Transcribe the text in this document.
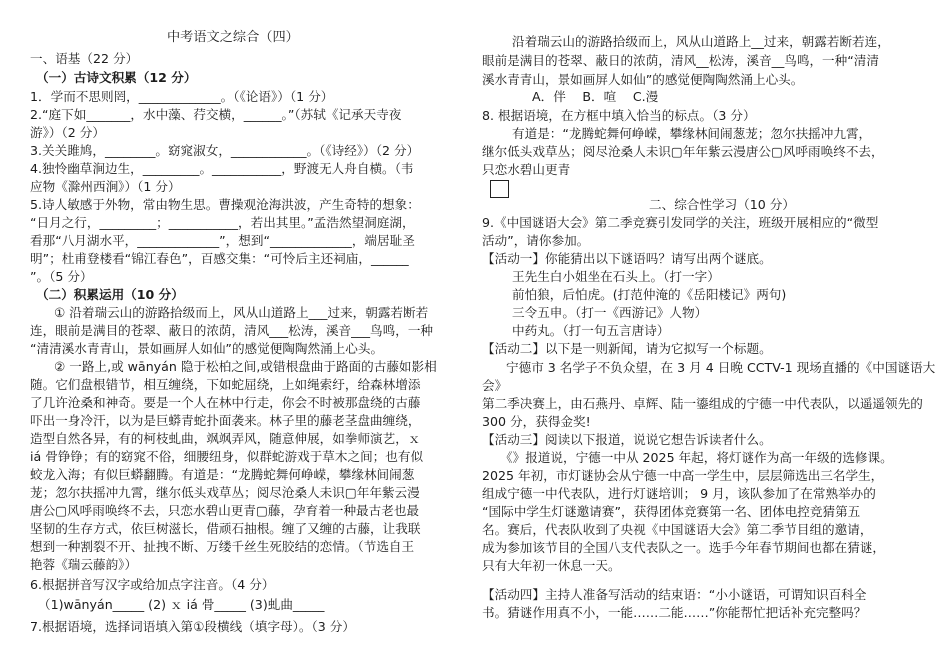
中考语文之综合（四）
一、语基（22 分）
（一）古诗文积累（12 分）
1．学而不思则罔，_____________。（《论语》）（1 分）
2.“庭下如_______，水中藻、荇交横，______。”（苏轼《记承天寺夜
游》）（2 分）
3.关关雎鸠，________。窈窕淑女，____________。（《诗经》）（2 分）
4.独怜幽草涧边生，_________。___________，野渡无人舟自横。（韦
应物《滁州西涧》）（1 分）
5.诗人敏感于外物，常由物生思。曹操观沧海洪波，产生奇特的想象：
“日月之行，_________；___________，若出其里。”孟浩然望洞庭湖，
看那“八月湖水平，_____________”，想到“_____________，端居耻圣
明”；杜甫登楼看“锦江春色”，百感交集：“可怜后主还祠庙，______
”。（5 分）
（二）积累运用（10 分）
① 沿着瑞云山的游路拾级而上，风从山道路上___过来，朝露若断若
连，眼前是满目的苍翠、蔽日的浓荫，清风___松涛，溪音___鸟鸣，一种
“清清溪水青青山，景如画屏人如仙”的感觉便陶陶然涌上心头。
② 一路上,或 wānyán 隐于松柏之间,或错根盘曲于路面的古藤如影相
随。它们盘根错节，相互缠绕，下如蛇屈绕，上如绳索纡，给森林增添
了几许沧桑和神奇。要是一个人在林中行走，你会不时被那盘绕的古藤
吓出一身冷汗，以为是巨蟒青蛇扑面袭来。林子里的藤老茎盘曲缠绕，
造型自然各异，有的柯枝虬曲，飒飒弄风，随意伸展，如拳师演艺，ｘ
iá 骨铮铮；有的窈窕不俗，细腰纽身，似群蛇游戏于草木之间；也有似
蛟龙入海；有似巨蟒翻腾。有道是：“龙腾蛇舞何峥嵘，攀缘林间闹葱
茏；忽尔扶摇冲九霄，继尔低头戏草丛；阅尽沧桑人未识▢年年紫云漫
唐公▢风呼雨唤终不去，只恋水碧山更青▢藤，孕育着一种最古老也最
坚韧的生存方式，依巨树滋长，借顽石抽根。缠了又缠的古藤，让我联
想到一种割裂不开、扯拽不断、万缕千丝生死胶结的恋情。（节选自王
艳蓉《瑞云藤韵》）
6.根据拼音写汉字或给加点字注音。（4 分）
（1)wānyán_____ (2) ｘ iá 骨_____ (3)虬曲_____
7.根据语境，选择词语填入第①段横线（填字母）。（3 分）
沿着瑞云山的游路拾级而上，风从山道路上__过来，朝露若断若连，
眼前是满目的苍翠、蔽日的浓荫，清风__松涛，溪音__鸟鸣，一种“清清
溪水青青山，景如画屏人如仙”的感觉便陶陶然涌上心头。
A．伴　 B．喧　 C.漫
8. 根据语境，在方框中填入恰当的标点。（3 分）
有道是：“龙腾蛇舞何峥嵘，攀缘林间闹葱茏；忽尔扶摇冲九霄，
继尔低头戏草丛；阅尽沧桑人未识▢年年紫云漫唐公▢风呼雨唤终不去，
只恋水碧山更青
二、综合性学习（10 分）
9.《中国谜语大会》第二季竞赛引发同学的关注，班级开展相应的“微型
活动”，请你参加。
【活动一】你能猜出以下谜语吗？请写出两个谜底。
王先生白小姐坐在石头上。（打一字）
前怕狼，后怕虎。(打范仲淹的《岳阳楼记》两句)
三令五申。（打一《西游记》人物）
中药丸。（打一句五言唐诗）
【活动二】以下是一则新闻，请为它拟写一个标题。
宁德市 3 名学子不负众望，在 3 月 4 日晚 CCTV-1 现场直播的《中国谜语大
会》
第二季决赛上，由石燕丹、卓辉、陆一鎏组成的宁德一中代表队，以遥遥领先的
300 分，获得金奖!
【活动三】阅读以下报道，说说它想告诉读者什么。
《》报道说，宁德一中从 2025 年起，将灯谜作为高一年级的选修课。
2025 年初，市灯谜协会从宁德一中高一学生中，层层筛选出三名学生，
组成宁德一中代表队，进行灯谜培训； 9 月，该队参加了在常熟举办的
“国际中学生灯谜邀请赛”，获得团体竞赛第一名、团体电控竞猜第五
名。赛后，代表队收到了央视《中国谜语大会》第二季节目组的邀请，
成为参加该节目的全国八支代表队之一。选手今年春节期间也都在猜谜，
只有大年初一休息一天。
【活动四】主持人准备写活动的结束语：“小小谜语，可谓知识百科全
书。猜谜作用真不小，一能……二能……”你能帮忙把话补充完整吗？
